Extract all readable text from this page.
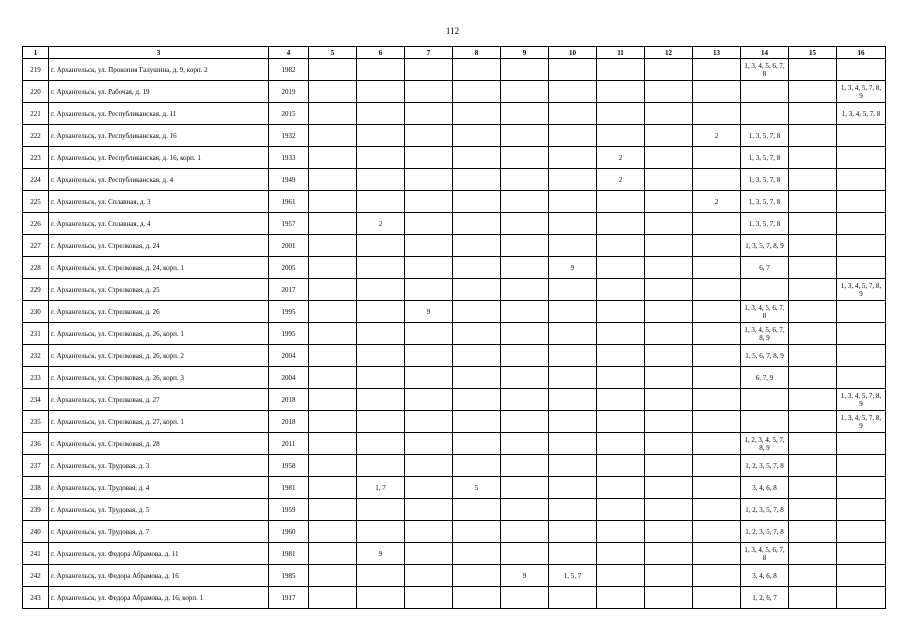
112
1	3	4	5	6	7	8	9	10	11	12	13	14	15	16
219	г. Архангельск, ул. Прокопия Галушина, д. 9, корп. 2	1982										1, 3, 4, 5, 6, 7, 8		
220	г. Архангельск, ул. Рабочая, д. 19	2019												1, 3, 4, 5, 7, 8, 9
221	г. Архангельск, ул. Республиканская, д. 11	2015												1, 3, 4, 5, 7, 8
222	г. Архангельск, ул. Республиканская, д. 16	1932									2	1, 3, 5, 7, 8		
223	г. Архангельск, ул. Республиканская, д. 16, корп. 1	1933							2			1, 3, 5, 7, 8		
224	г. Архангельск, ул. Республиканская, д. 4	1949							2			1, 3, 5, 7, 8		
225	г. Архангельск, ул. Сплавная, д. 3	1961									2	1, 3, 5, 7, 8		
226	г. Архангельск, ул. Сплавная, д. 4	1957		2								1, 3, 5, 7, 8		
227	г. Архангельск, ул. Стрелковая, д. 24	2001										1, 3, 5, 7, 8, 9		
228	г. Архангельск, ул. Стрелковая, д. 24, корп. 1	2005						9				6, 7		
229	г. Архангельск, ул. Стрелковая, д. 25	2017												1, 3, 4, 5, 7, 8, 9
230	г. Архангельск, ул. Стрелковая, д. 26	1995			9							1, 3, 4, 5, 6, 7, 8		
231	г. Архангельск, ул. Стрелковая, д. 26, корп. 1	1995										1, 3, 4, 5, 6, 7, 8, 9		
232	г. Архангельск, ул. Стрелковая, д. 26, корп. 2	2004										1, 5, 6, 7, 8, 9		
233	г. Архангельск, ул. Стрелковая, д. 26, корп. 3	2004										6, 7, 9		
234	г. Архангельск, ул. Стрелковая, д. 27	2018												1, 3, 4, 5, 7, 8, 9
235	г. Архангельск, ул. Стрелковая, д. 27, корп. 1	2018												1, 3, 4, 5, 7, 8, 9
236	г. Архангельск, ул. Стрелковая, д. 28	2011										1, 2, 3, 4, 5, 7, 8, 9		
237	г. Архангельск, ул. Трудовая, д. 3	1958										1, 2, 3, 5, 7, 8		
238	г. Архангельск, ул. Трудовая, д. 4	1981		1, 7		5						3, 4, 6, 8		
239	г. Архангельск, ул. Трудовая, д. 5	1959										1, 2, 3, 5, 7, 8		
240	г. Архангельск, ул. Трудовая, д. 7	1960										1, 2, 3, 5, 7, 8		
241	г. Архангельск, ул. Федора Абрамова, д. 11	1981		9								1, 3, 4, 5, 6, 7, 8		
242	г. Архангельск, ул. Федора Абрамова, д. 16	1985					9	1, 5, 7				3, 4, 6, 8		
243	г. Архангельск, ул. Федора Абрамова, д. 16, корп. 1	1917										1, 2, 6, 7		
